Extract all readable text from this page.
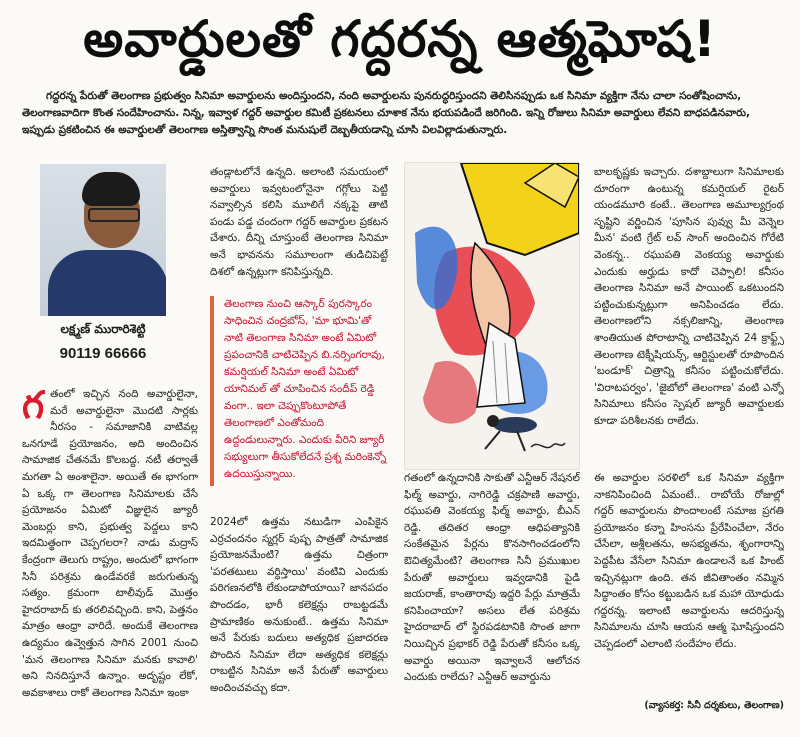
అవార్డులతో గద్దరన్న ఆత్మఘోష!

గద్దరన్న పేరుతో తెలంగాణ ప్రభుత్వం సినిమా అవార్డులను అందిస్తుందని, నంది అవార్డులను పునరుద్ధరిస్తుందని తెలిసినప్పుడు ఒక సినిమా వ్యక్తిగా నేను చాలా సంతోషించాను, తెలంగాణవాదిగా కొంత సందేహించాను. నిన్న, ఇవ్వాళ గద్దర్ అవార్డుల కమిటీ ప్రకటనలు చూశాక నేను భయపడిందే జరిగింది. ఇన్ని రోజులు సినిమా అవార్డులు లేవని బాధపడినవారు, ఇప్పుడు ప్రకటించిన ఈ అవార్డులతో తెలంగాణ అస్తిత్వాన్ని సొంత మనుషులే దెబ్బతీయడాన్ని చూసి విలవిల్లాడుతున్నారు.

లక్ష్మణ్ మురారిశెట్టి
90119 66666
గతంలో ఇచ్చిన నంది అవార్డులైనా, మరే అవార్డులైనా మొదటి సార్లకు నీరసం - సమాజానికి వాటివల్ల ఒనగూడే ప్రయోజనం, అది అందించిన సామాజిక చేతనమే కొలబద్ద. నటీ తర్వాతే మగతా ఏ అంశాలైనా. అయితే ఈ భాగంగా ఏ ఒక్క గా తెలంగాణ సినిమాలకు చేసే ప్రయోజనం ఏమిటో విజ్ఞులైన జ్యూరీ మెంబర్లు కాని, ప్రభుత్వ పెద్దలు కాని ఇదమిత్థంగా చెప్పగలరా? నాడు మద్రాస్ కేంద్రంగా తెలుగు రాష్ట్రం, అందులో భాగంగా సినీ పరిశ్రమ ఉండేవరకే జరుగుతున్న సత్యం. క్రమంగా టాలీవుడ్ మొత్తం హైదరాబాద్ కు తరలివచ్చింది. కాని, పెత్తనం మాత్రం ఆంధ్రా వారిదే. అందుకే తెలంగాణ ఉద్యమం ఉవ్వెత్తున సాగిన 2001 నుంచి 'మన తెలంగాణ సినిమా మనకు కావాలి' అని నినదిస్తూనే ఉన్నాం. అదృష్టం లేకో, అవకాశాలు రాకో తెలంగాణ సినిమా ఇంకా

తండ్లాటలోనే ఉన్నది. అలాంటి సమయంలో అవార్డులు ఇవ్వటంలోనైనా గగ్గోలు పెట్టి నవ్వాల్సిన కలిసి మూలిగే నక్కపై తాటి పండు పడ్డ చందంగా గద్దర్ అవార్డుల ప్రకటన చేశారు. దీన్ని చూస్తుంటే తెలంగాణ సినిమా అనే భావనను సమూలంగా తుడిచిపెట్టే దిశలో ఉన్నట్లుగా కనిపిస్తున్నది.

తెలంగాణ నుంచి ఆస్కార్ పురస్కారం సాధించిన చంద్రబోస్, 'మా భూమి'తో నాటి తెలంగాణ సినిమా అంటే ఏమిటో ప్రపంచానికి చాటిచెప్పిన బి.నర్సింగరావు, కమర్షియల్ సినిమా అంటే ఏమిటో యానిమల్ తో చూపించిన సందీప్ రెడ్డి వంగా.. ఇలా చెప్పుకొంటూపోతే తెలంగాణలో ఎంతోమంది ఉద్దండులున్నారు. ఎందుకు వీరిని జ్యూరీ సభ్యులుగా తీసుకోలేదనే ప్రశ్న మరింకెన్నో ఉదయిస్తున్నాయి.

2024లో ఉత్తమ నటుడిగా ఎంపికైన ఎర్రచందనం స్మగ్లర్ పుష్ప పాత్రతో సామాజిక ప్రయోజనమేంటి? ఉత్తమ చిత్రంగా 'పరతటులు వర్ధిస్తాయి' వంటివి ఎందుకు పరిగణనలోకి లేకుండాపోయాయి? జానపదం పొందడం, భారీ కలెక్షన్లు రాబట్టడమే ప్రామాణికం అనుకుంటే.. ఉత్తమ సినిమా అనే పేరుకు బదులు అత్యధిక ప్రజాదరణ పొందిన సినిమా లేదా అత్యధిక కలెక్షన్లు రాబట్టిన సినిమా అనే పేరుతో అవార్డులు అందించవచ్చు కదా.

గతంలో ఉన్నదానికి సాకుతో ఎన్టీఆర్ నేషనల్ ఫిల్మ్ అవార్డు, నాగిరెడ్డి చక్రపాణి అవార్డు, రఘుపతి వెంకయ్య ఫిల్మ్ అవార్డు, బీఎన్ రెడ్డి. తదితర ఆంధ్రా ఆధిపత్యానికి సంకేతమైన పేర్లను కొనసాగించడంలోని ఔచిత్యమేంటి? తెలంగాణ సినీ ప్రముఖుల పేరుతో అవార్డులు ఇవ్వడానికి పైడి జయరాజ్, కాంతారావు ఇద్దరి పేర్లు మాత్రమే కనిపించాయా? అసలు లేత పరిశ్రమ హైదరాబాద్ లో స్థిరపడటానికి సొంత జాగా నియిచ్చిన ప్రభాకర్ రెడ్డి పేరుతో కనీసం ఒక్క అవార్డు అయినా ఇవ్వాలనే ఆలోచన ఎందుకు రాలేదు? ఎన్టీఆర్ అవార్డును

బాలకృష్ణకు ఇచ్చారు. దశాబ్దాలుగా సినిమాలకు దూరంగా ఉంటున్న కమర్షియల్ రైటర్ యండమూరి కంటే.. తెలంగాణ అమూల్యగ్రంథ సృష్టిని వర్ణించిన 'పూసిన పువ్వు మీ వెన్నెల మీన' వంటి గ్రేట్ లవ్ సాంగ్ అందించిన గోరేటి వెంకన్న.. రఘుపతి వెంకయ్య అవార్డుకు ఎందుకు అర్హుడు కాదో చెప్పాలి! కనీసం తెలంగాణ సినిమా అనే పాయింట్ ఒకటుందని పట్టించుకున్నట్లుగా అనిపించడం లేదు. తెలంగాణలోని నక్సలిజాన్ని, తెలంగాణ శాంతియుత పోరాటాన్ని చాటిచెప్పిన 24 క్రాఫ్ట్స్ తెలంగాణ టెక్నీషియన్స్, ఆర్టిస్టులతో రూపొందిన 'బండూక్' చిత్రాన్ని కనీసం పట్టించుకోలేదు. 'విరాటపర్వం', 'జైబోలో తెలంగాణ' వంటి ఎన్నో సినిమాలు కనీసం స్పెషల్ జ్యూరీ అవార్డులకు కూడా పరిశీలనకు రాలేదు.

ఈ అవార్డుల సరళిలో ఒక సినిమా వ్యక్తిగా నాకనిపించింది ఏమంటే.. రాబోయే రోజుల్లో గద్దర్ అవార్డులను పొందాలంటే సమాజ ప్రగతి ప్రయోజనం కన్నా హింసను ప్రేరేపించేలా, నేరం చేసేలా, అశ్లీలతను, అసభ్యతను, శృంగారాన్ని పెద్దపీట వేసేలా సినిమా ఉండాలనే ఒక హింట్ ఇచ్చినట్లుగా ఉంది. తన జీవితాంతం నమ్మిన సిద్ధాంతం కోసం కట్టుబడిన ఒక మహా యోధుడు గద్దరన్న. ఇలాంటి అవార్డులను ఆదరిస్తున్న సినిమాలను చూసి ఆయన ఆత్మ ఘోషిస్తుందని చెప్పడంలో ఎలాంటి సందేహం లేదు.

(వ్యాసకర్త: సినీ దర్శకులు, తెలంగాణ)
